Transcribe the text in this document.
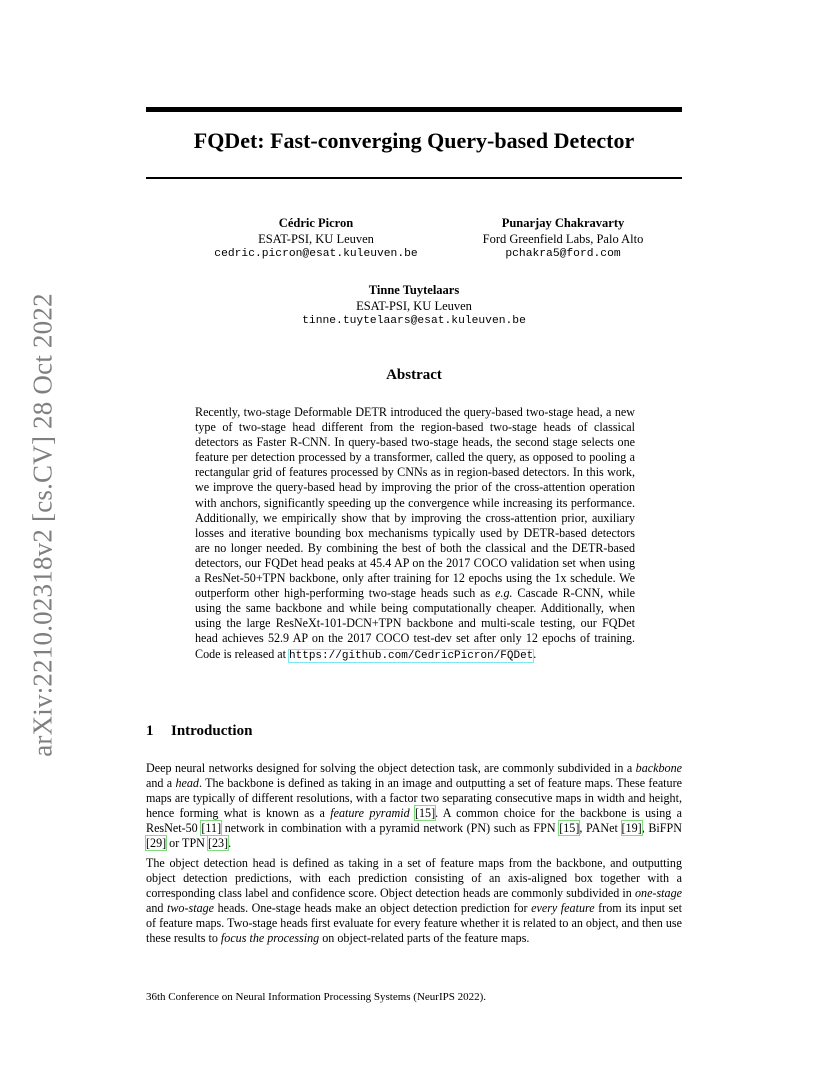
arXiv:2210.02318v2 [cs.CV] 28 Oct 2022
FQDet: Fast-converging Query-based Detector
Cédric Picron
ESAT-PSI, KU Leuven
cedric.picron@esat.kuleuven.be
Punarjay Chakravarty
Ford Greenfield Labs, Palo Alto
pchakra5@ford.com
Tinne Tuytelaars
ESAT-PSI, KU Leuven
tinne.tuytelaars@esat.kuleuven.be
Abstract

Recently, two-stage Deformable DETR introduced the query-based two-stage head, a new type of two-stage head different from the region-based two-stage heads of classical detectors as Faster R-CNN. In query-based two-stage heads, the second stage selects one feature per detection processed by a transformer, called the query, as opposed to pooling a rectangular grid of features processed by CNNs as in region-based detectors. In this work, we improve the query-based head by improving the prior of the cross-attention operation with anchors, significantly speeding up the convergence while increasing its performance. Additionally, we empirically show that by improving the cross-attention prior, auxiliary losses and iterative bounding box mechanisms typically used by DETR-based detectors are no longer needed. By combining the best of both the classical and the DETR-based detectors, our FQDet head peaks at 45.4 AP on the 2017 COCO validation set when using a ResNet-50+TPN backbone, only after training for 12 epochs using the 1x schedule. We outperform other high-performing two-stage heads such as e.g. Cascade R-CNN, while using the same backbone and while being computationally cheaper. Additionally, when using the large ResNeXt-101-DCN+TPN backbone and multi-scale testing, our FQDet head achieves 52.9 AP on the 2017 COCO test-dev set after only 12 epochs of training. Code is released at https://github.com/CedricPicron/FQDet.

1 Introduction

Deep neural networks designed for solving the object detection task, are commonly subdivided in a backbone and a head. The backbone is defined as taking in an image and outputting a set of feature maps. These feature maps are typically of different resolutions, with a factor two separating consecutive maps in width and height, hence forming what is known as a feature pyramid [15]. A common choice for the backbone is using a ResNet-50 [11] network in combination with a pyramid network (PN) such as FPN [15], PANet [19], BiFPN [29] or TPN [23].

The object detection head is defined as taking in a set of feature maps from the backbone, and outputting object detection predictions, with each prediction consisting of an axis-aligned box together with a corresponding class label and confidence score. Object detection heads are commonly subdivided in one-stage and two-stage heads. One-stage heads make an object detection prediction for every feature from its input set of feature maps. Two-stage heads first evaluate for every feature whether it is related to an object, and then use these results to focus the processing on object-related parts of the feature maps.

36th Conference on Neural Information Processing Systems (NeurIPS 2022).
